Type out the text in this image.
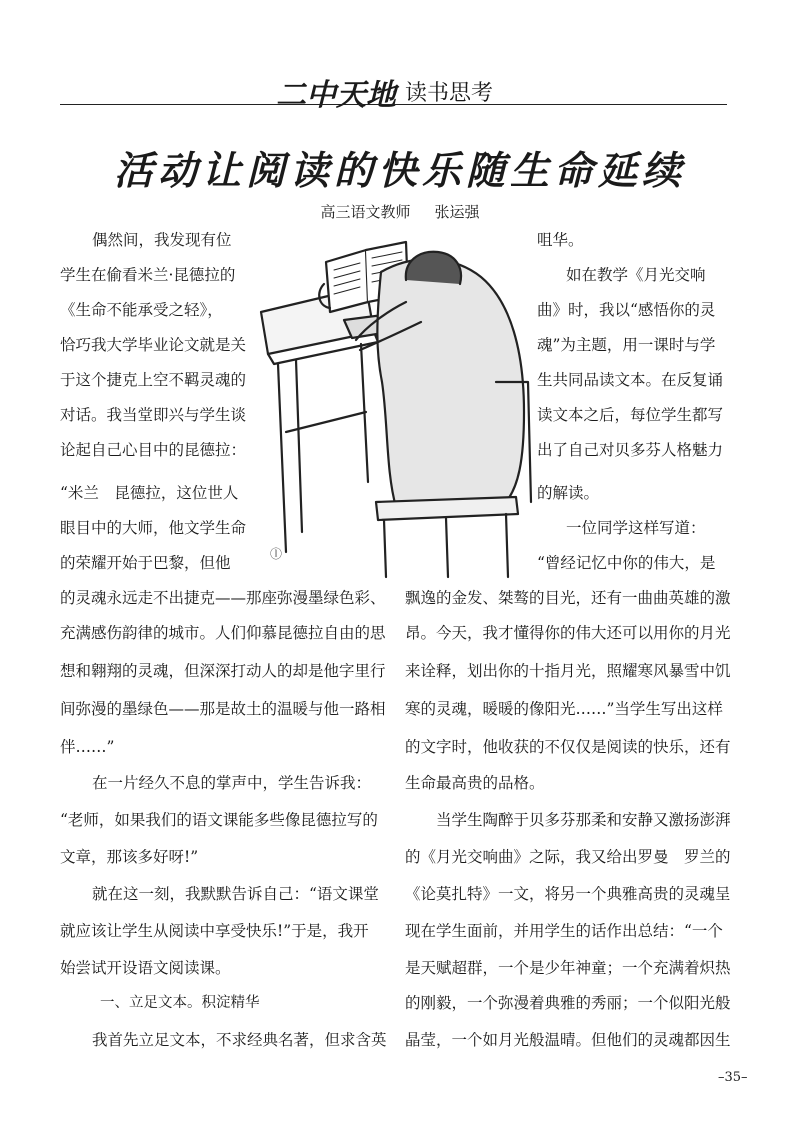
二中天地
· 读书思考
活动让阅读的快乐随生命延续
高三语文教师 张运强
ⓛ
偶然间，我发现有位
学生在偷看米兰·昆德拉的
《生命不能承受之轻》，
恰巧我大学毕业论文就是关
于这个捷克上空不羁灵魂的
对话。我当堂即兴与学生谈
论起自己心目中的昆德拉：
“米兰　昆德拉，这位世人
眼目中的大师，他文学生命
的荣耀开始于巴黎，但他
的灵魂永远走不出捷克——那座弥漫墨绿色彩、
充满感伤韵律的城市。人们仰慕昆德拉自由的思
想和翱翔的灵魂，但深深打动人的却是他字里行
间弥漫的墨绿色——那是故土的温暖与他一路相
伴……”
在一片经久不息的掌声中，学生告诉我：
“老师，如果我们的语文课能多些像昆德拉写的
文章，那该多好呀!”
就在这一刻，我默默告诉自己：“语文课堂
就应该让学生从阅读中享受快乐!”于是，我开
始尝试开设语文阅读课。
一、立足文本。积淀精华
我首先立足文本，不求经典名著，但求含英
咀华。
如在教学《月光交响
曲》时，我以“感悟你的灵
魂”为主题，用一课时与学
生共同品读文本。在反复诵
读文本之后，每位学生都写
出了自己对贝多芬人格魅力
的解读。
一位同学这样写道：
“曾经记忆中你的伟大，是
飘逸的金发、桀骜的目光，还有一曲曲英雄的激
昂。今天，我才懂得你的伟大还可以用你的月光
来诠释，划出你的十指月光，照耀寒风暴雪中饥
寒的灵魂，暖暖的像阳光……”当学生写出这样
的文字时，他收获的不仅仅是阅读的快乐，还有
生命最高贵的品格。
当学生陶醉于贝多芬那柔和安静又激扬澎湃
的《月光交响曲》之际，我又给出罗曼　罗兰的
《论莫扎特》一文，将另一个典雅高贵的灵魂呈
现在学生面前，并用学生的话作出总结：“一个
是天赋超群，一个是少年神童；一个充满着炽热
的刚毅，一个弥漫着典雅的秀丽；一个似阳光般
晶莹，一个如月光般温晴。但他们的灵魂都因生
–35–
